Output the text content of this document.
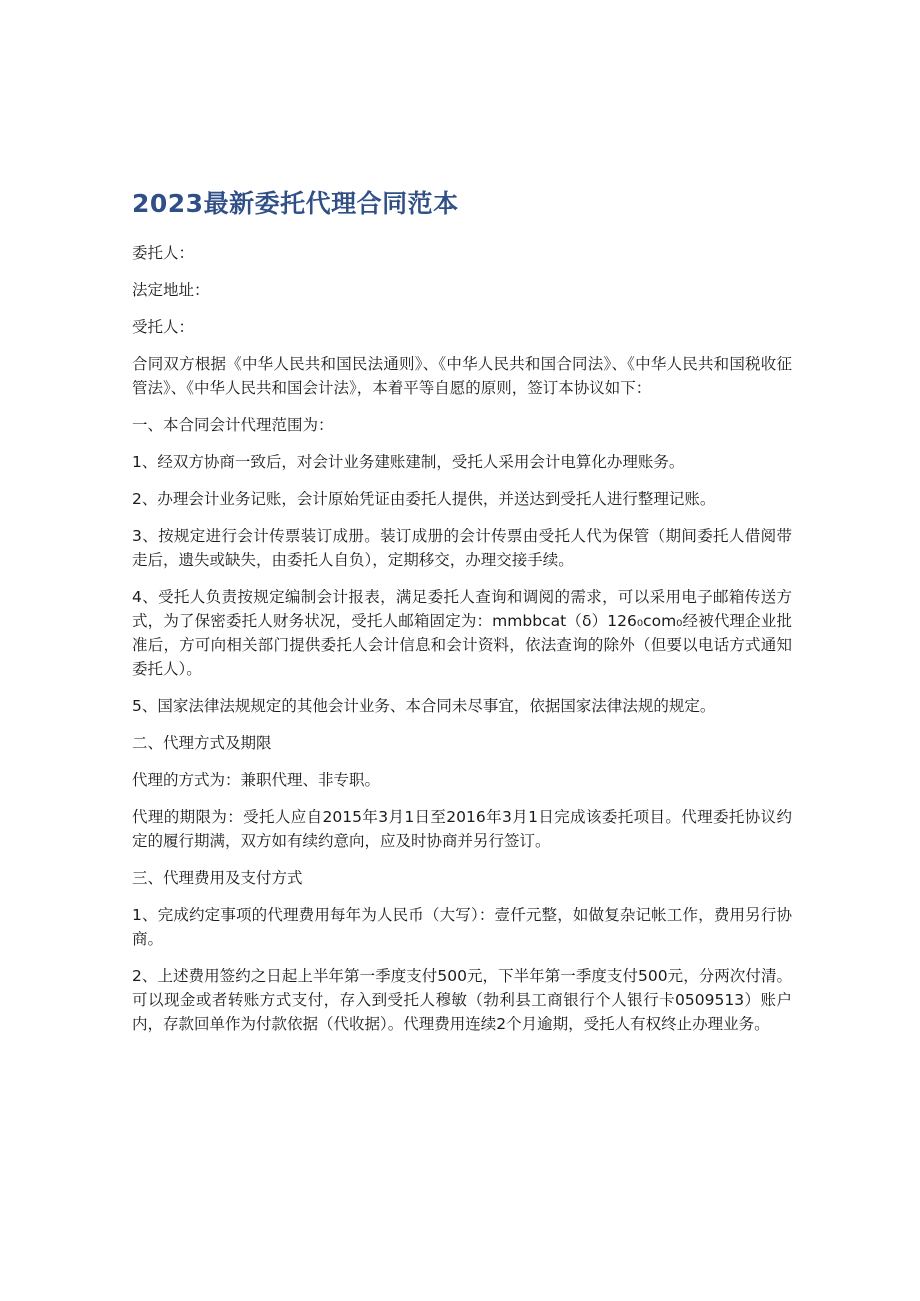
2023最新委托代理合同范本

委托人：

法定地址：

受托人：

合同双方根据《中华人民共和国民法通则》、《中华人民共和国合同法》、《中华人民共和国税收征管法》、《中华人民共和国会计法》，本着平等自愿的原则，签订本协议如下：

一、本合同会计代理范围为：

1、经双方协商一致后，对会计业务建账建制，受托人采用会计电算化办理账务。

2、办理会计业务记账，会计原始凭证由委托人提供，并送达到受托人进行整理记账。

3、按规定进行会计传票装订成册。装订成册的会计传票由受托人代为保管（期间委托人借阅带走后，遗失或缺失，由委托人自负），定期移交，办理交接手续。

4、受托人负责按规定编制会计报表，满足委托人查询和调阅的需求，可以采用电子邮箱传送方式，为了保密委托人财务状况，受托人邮箱固定为：mmbbcat（δ）126₀com₀经被代理企业批准后，方可向相关部门提供委托人会计信息和会计资料，依法查询的除外（但要以电话方式通知委托人）。

5、国家法律法规规定的其他会计业务、本合同未尽事宜，依据国家法律法规的规定。

二、代理方式及期限

代理的方式为：兼职代理、非专职。

代理的期限为：受托人应自2015年3月1日至2016年3月1日完成该委托项目。代理委托协议约定的履行期满，双方如有续约意向，应及时协商并另行签订。

三、代理费用及支付方式

1、完成约定事项的代理费用每年为人民币（大写）：壹仟元整，如做复杂记帐工作，费用另行协商。

2、上述费用签约之日起上半年第一季度支付500元，下半年第一季度支付500元，分两次付清。可以现金或者转账方式支付，存入到受托人穆敏（勃利县工商银行个人银行卡0509513）账户内，存款回单作为付款依据（代收据）。代理费用连续2个月逾期，受托人有权终止办理业务。
